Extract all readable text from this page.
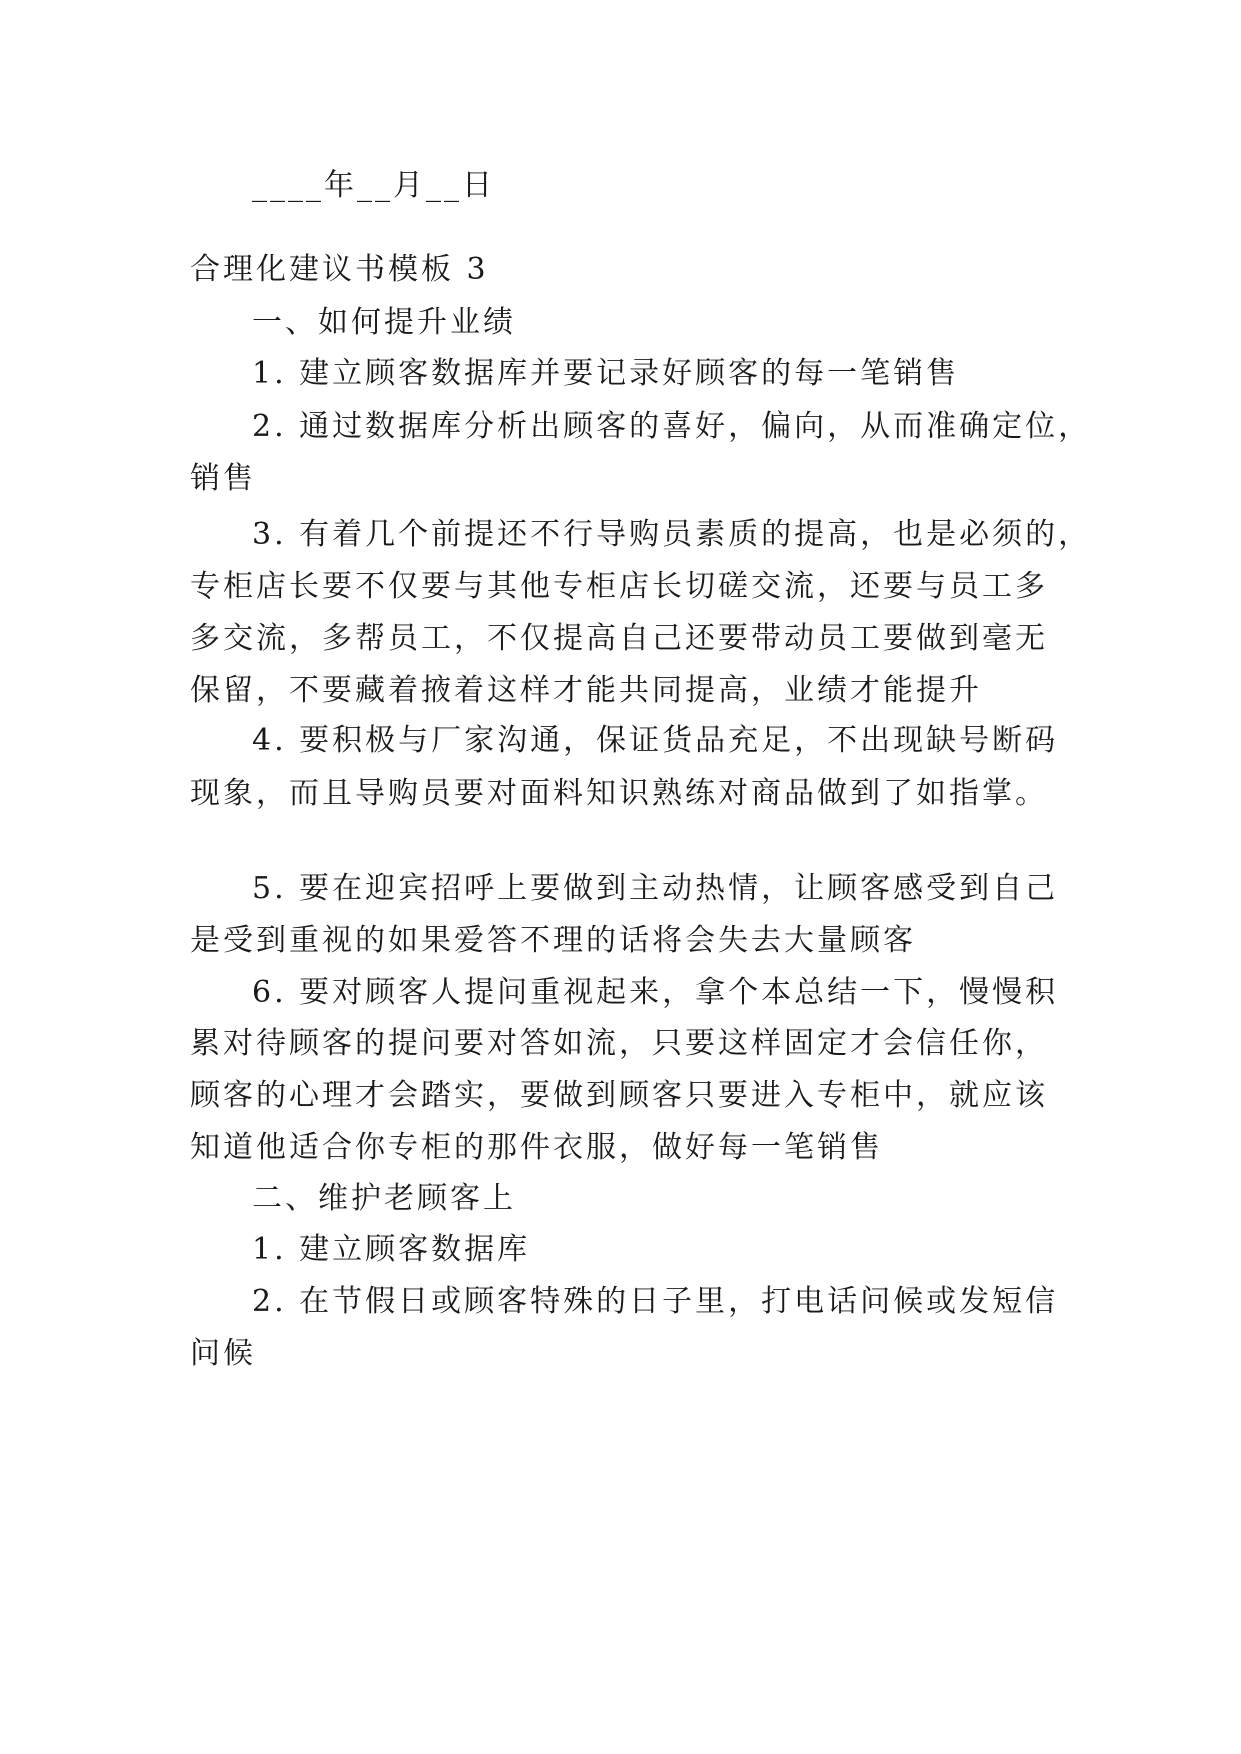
____年__月__日
合理化建议书模板 3
一、如何提升业绩
1. 建立顾客数据库并要记录好顾客的每一笔销售
2. 通过数据库分析出顾客的喜好，偏向，从而准确定位，
销售
3. 有着几个前提还不行导购员素质的提高，也是必须的，
专柜店长要不仅要与其他专柜店长切磋交流，还要与员工多
多交流，多帮员工，不仅提高自己还要带动员工要做到毫无
保留，不要藏着掖着这样才能共同提高，业绩才能提升
4. 要积极与厂家沟通，保证货品充足，不出现缺号断码
现象，而且导购员要对面料知识熟练对商品做到了如指掌。
5. 要在迎宾招呼上要做到主动热情，让顾客感受到自己
是受到重视的如果爱答不理的话将会失去大量顾客
6. 要对顾客人提问重视起来，拿个本总结一下，慢慢积
累对待顾客的提问要对答如流，只要这样固定才会信任你，
顾客的心理才会踏实，要做到顾客只要进入专柜中，就应该
知道他适合你专柜的那件衣服，做好每一笔销售
二、维护老顾客上
1. 建立顾客数据库
2. 在节假日或顾客特殊的日子里，打电话问候或发短信
问候
